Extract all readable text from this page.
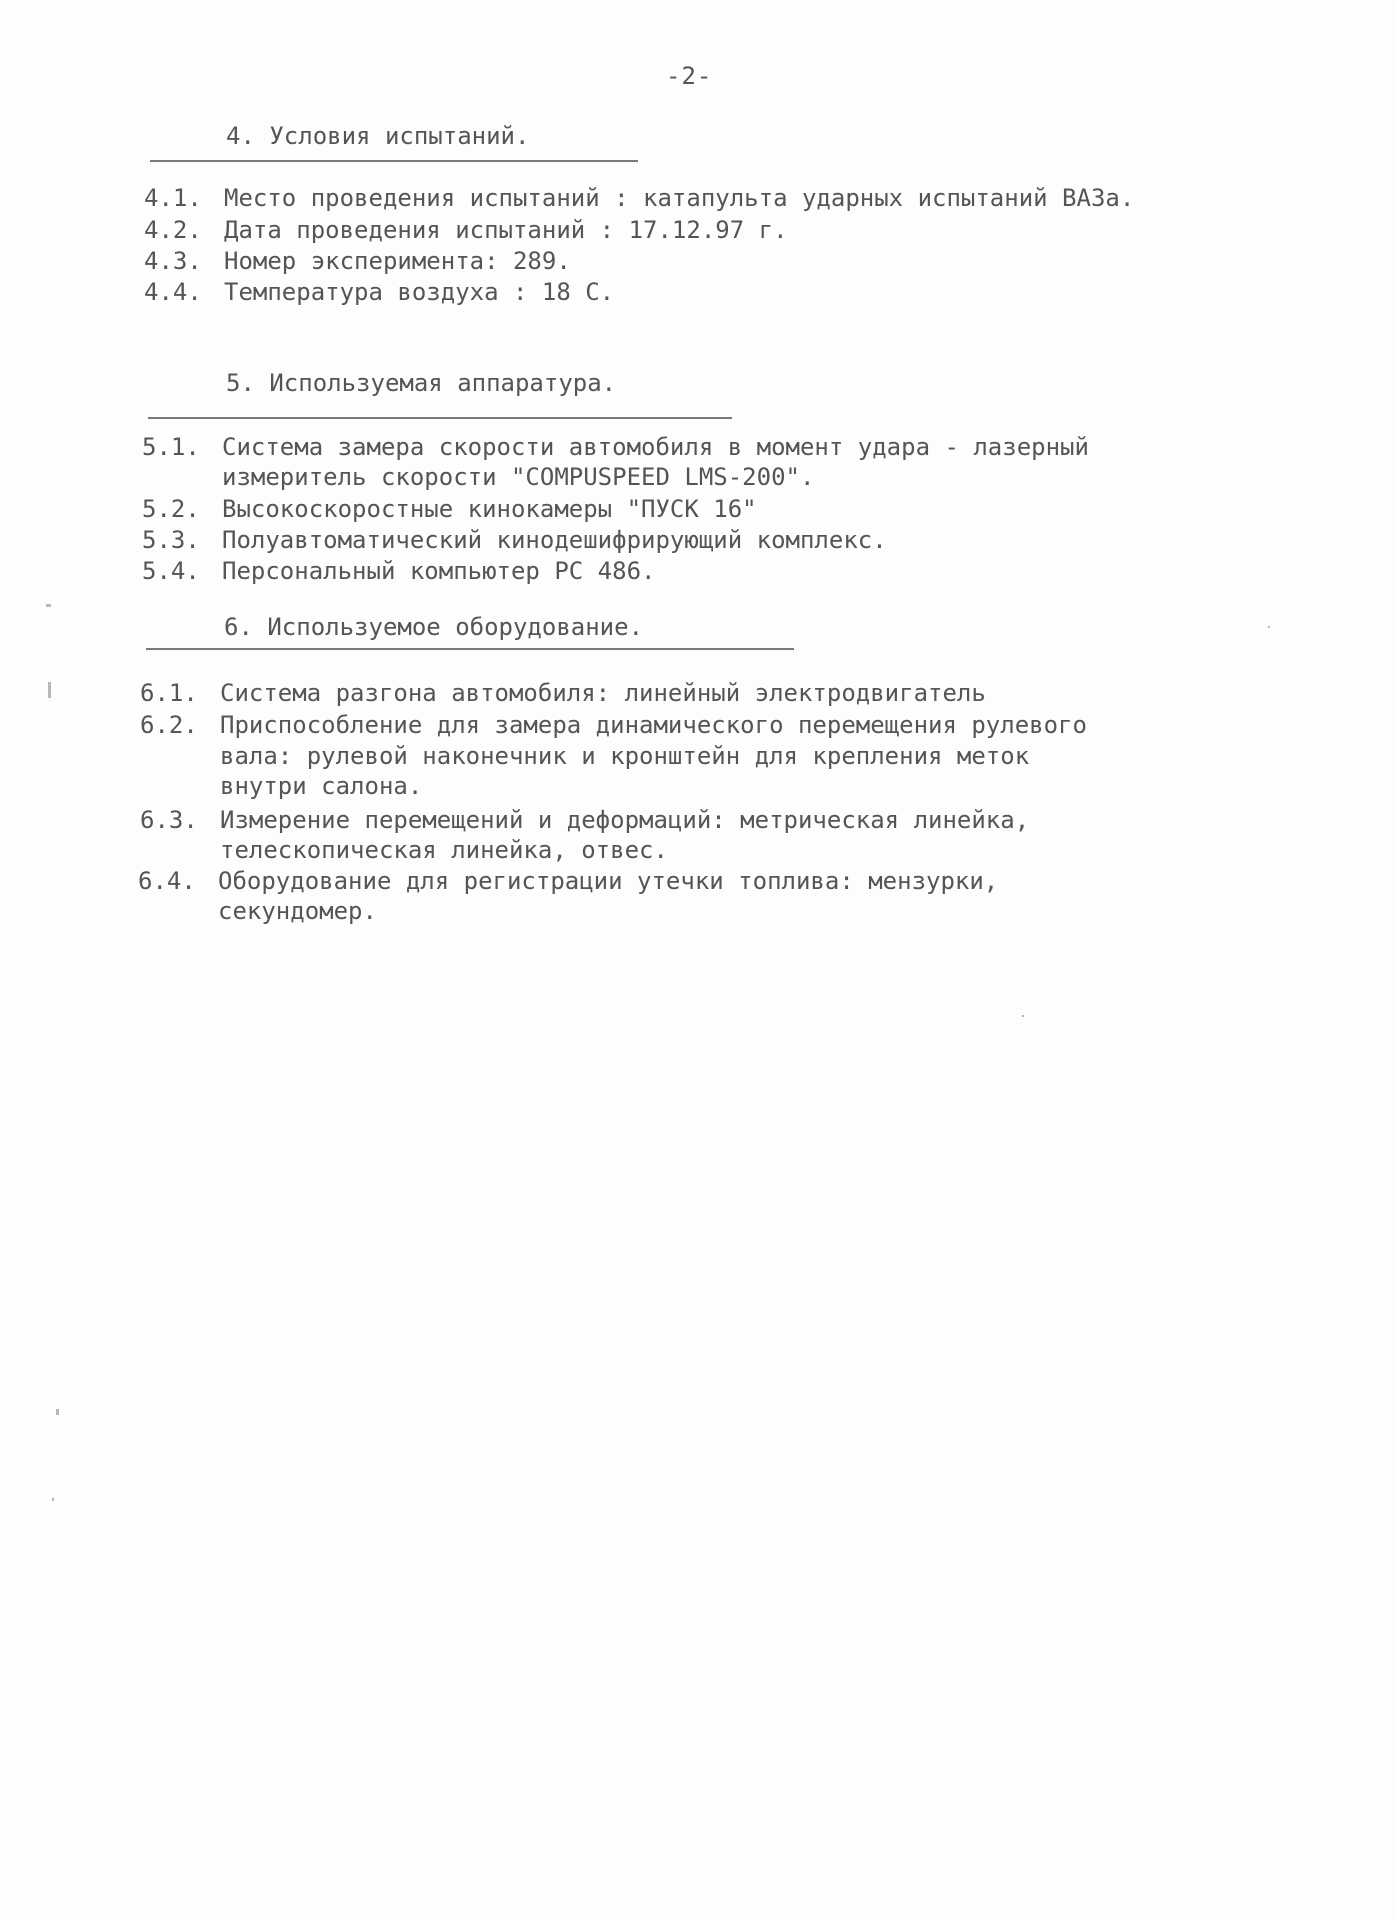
-2-
4. Условия испытаний.
4.1. Место проведения испытаний : катапульта ударных испытаний ВАЗа.
4.2. Дата проведения испытаний : 17.12.97 г.
4.3. Номер эксперимента: 289.
4.4. Температура воздуха : 18 С.
5. Используемая аппаратура.
5.1. Система замера скорости автомобиля в момент удара - лазерный
измеритель скорости "COMPUSPEED LMS-200".
5.2. Высокоскоростные кинокамеры "ПУСК 16"
5.3. Полуавтоматический кинодешифрирующий комплекс.
5.4. Персональный компьютер PC 486.
6. Используемое оборудование.
6.1. Система разгона автомобиля: линейный электродвигатель
6.2. Приспособление для замера динамического перемещения рулевого
вала: рулевой наконечник и кронштейн для крепления меток
внутри салона.
6.3. Измерение перемещений и деформаций: метрическая линейка,
телескопическая линейка, отвес.
6.4. Оборудование для регистрации утечки топлива: мензурки,
секундомер.
